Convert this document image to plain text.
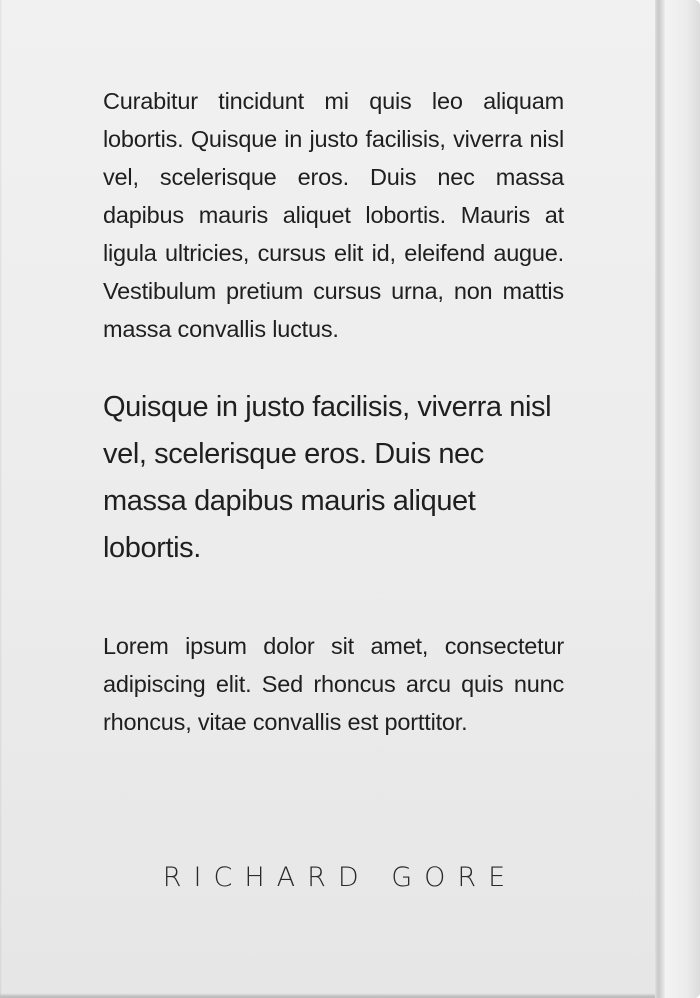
Curabitur tincidunt mi quis leo aliquam lobortis. Quisque in justo facilisis, viverra nisl vel, scelerisque eros. Duis nec massa dapibus mauris aliquet lobortis. Mauris at ligula ultricies, cursus elit id, eleifend augue. Vestibulum pretium cursus urna, non mattis massa convallis luctus.

Quisque in justo facilisis, viverra nisl vel, scelerisque eros. Duis nec massa dapibus mauris aliquet lobortis.

Lorem ipsum dolor sit amet, consectetur adipiscing elit. Sed rhoncus arcu quis nunc rhoncus, vitae convallis est porttitor.

RICHARD GORE
